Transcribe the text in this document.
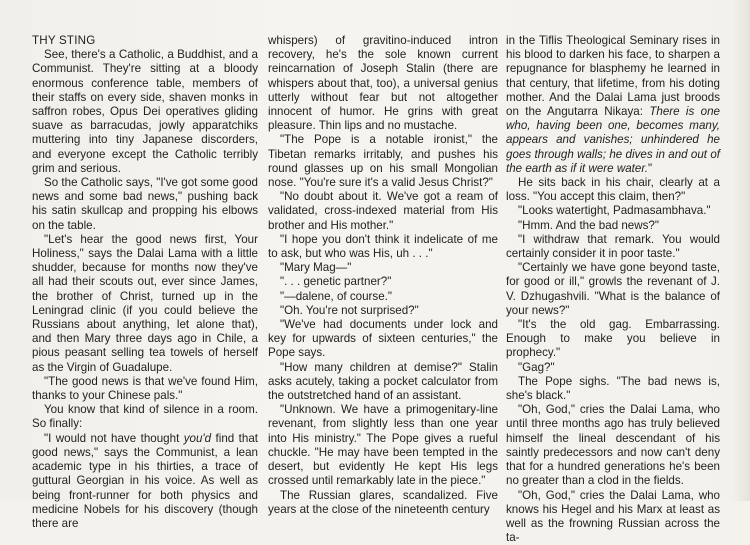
THY STING

See, there's a Catholic, a Buddhist, and a Communist. They're sitting at a bloody enormous conference table, members of their staffs on every side, shaven monks in saffron robes, Opus Dei operatives gliding suave as barracudas, jowly apparatchiks muttering into tiny Japanese discorders, and everyone except the Catholic terribly grim and serious.

So the Catholic says, "I've got some good news and some bad news," pushing back his satin skullcap and propping his elbows on the table.

"Let's hear the good news first, Your Holiness," says the Dalai Lama with a little shudder, because for months now they've all had their scouts out, ever since James, the brother of Christ, turned up in the Leningrad clinic (if you could believe the Russians about anything, let alone that), and then Mary three days ago in Chile, a pious peasant selling tea towels of herself as the Virgin of Guadalupe.

"The good news is that we've found Him, thanks to your Chinese pals."

You know that kind of silence in a room. So finally:

"I would not have thought you'd find that good news," says the Communist, a lean academic type in his thirties, a trace of guttural Georgian in his voice. As well as being front-runner for both physics and medicine Nobels for his discovery (though there are

whispers) of gravitino-induced intron recovery, he's the sole known current reincarnation of Joseph Stalin (there are whispers about that, too), a universal genius utterly without fear but not altogether innocent of humor. He grins with great pleasure. Thin lips and no mustache.

"The Pope is a notable ironist," the Tibetan remarks irritably, and pushes his round glasses up on his small Mongolian nose. "You're sure it's a valid Jesus Christ?"

"No doubt about it. We've got a ream of validated, cross-indexed material from His brother and His mother."

"I hope you don't think it indelicate of me to ask, but who was His, uh . . ."

"Mary Mag—"

". . . genetic partner?"

"—dalene, of course."

"Oh. You're not surprised?"

"We've had documents under lock and key for upwards of sixteen centuries," the Pope says.

"How many children at demise?" Stalin asks acutely, taking a pocket calculator from the outstretched hand of an assistant.

"Unknown. We have a primogenitary-line revenant, from slightly less than one year into His ministry." The Pope gives a rueful chuckle. "He may have been tempted in the desert, but evidently He kept His legs crossed until remarkably late in the piece."

The Russian glares, scandalized. Five years at the close of the nineteenth century

in the Tiflis Theological Seminary rises in his blood to darken his face, to sharpen a repugnance for blasphemy he learned in that century, that lifetime, from his doting mother. And the Dalai Lama just broods on the Angutarra Nikaya: There is one who, having been one, becomes many, appears and vanishes; unhindered he goes through walls; he dives in and out of the earth as if it were water."

He sits back in his chair, clearly at a loss. "You accept this claim, then?"

"Looks watertight, Padmasambhava."

"Hmm. And the bad news?"

"I withdraw that remark. You would certainly consider it in poor taste."

"Certainly we have gone beyond taste, for good or ill," growls the revenant of J. V. Dzhugashvili. "What is the balance of your news?"

"It's the old gag. Embarrassing. Enough to make you believe in prophecy."

"Gag?"

The Pope sighs. "The bad news is, she's black."

"Oh, God," cries the Dalai Lama, who until three months ago has truly believed himself the lineal descendant of his saintly predecessors and now can't deny that for a hundred generations he's been no greater than a clod in the fields.

"Oh, God," cries the Dalai Lama, who knows his Hegel and his Marx at least as well as the frowning Russian across the ta-
